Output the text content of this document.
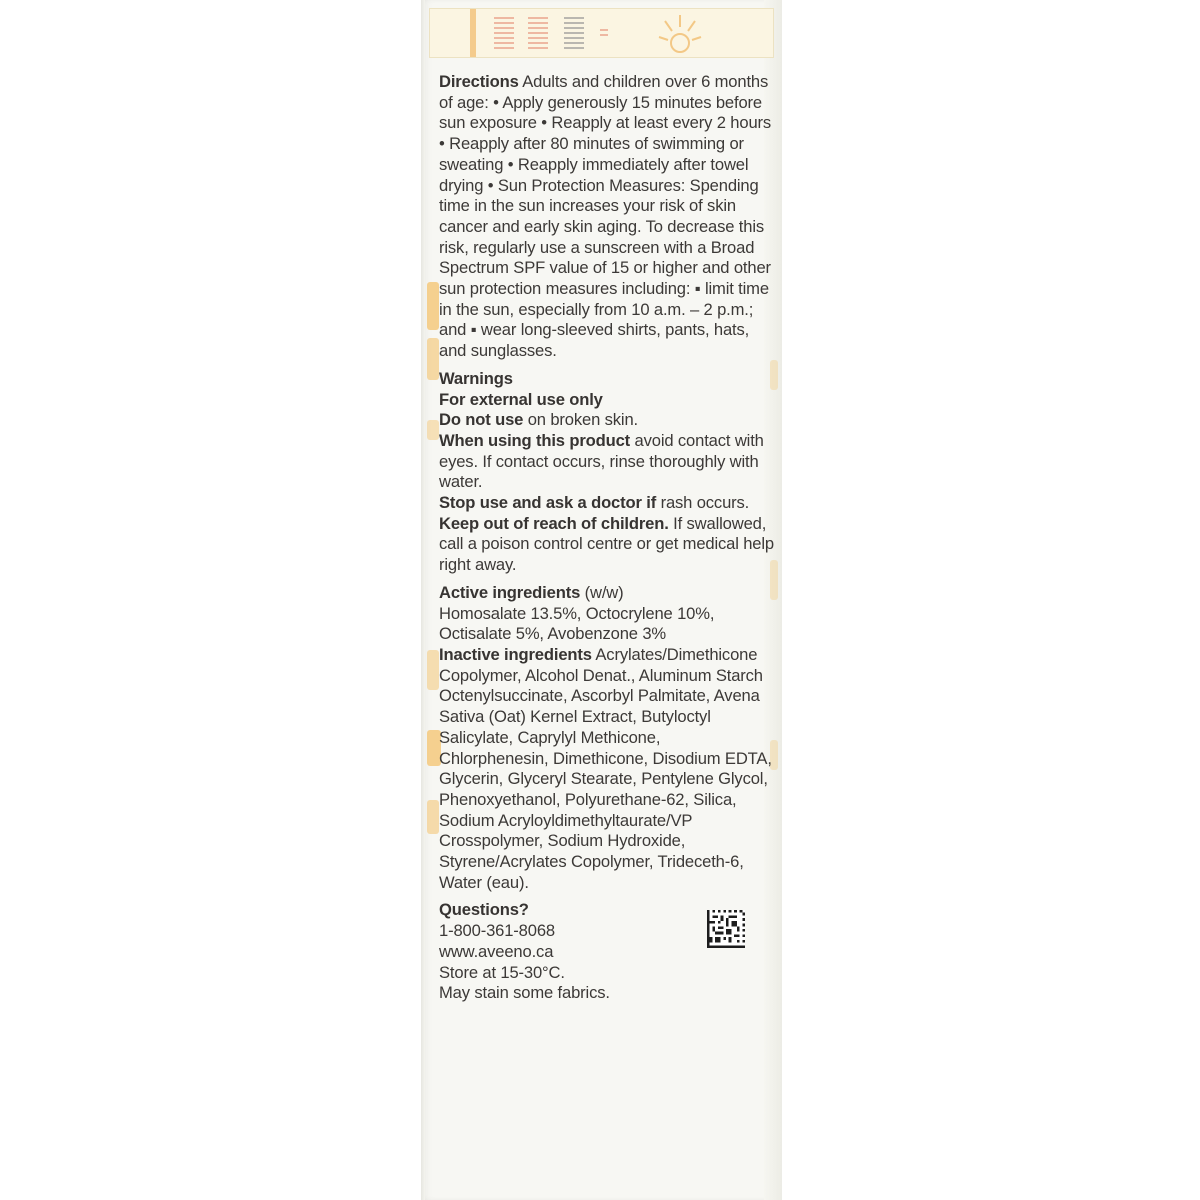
Directions Adults and children over 6 months of age: • Apply generously 15 minutes before sun exposure • Reapply at least every 2 hours • Reapply after 80 minutes of swimming or sweating • Reapply immediately after towel drying • Sun Protection Measures: Spending time in the sun increases your risk of skin cancer and early skin aging. To decrease this risk, regularly use a sunscreen with a Broad Spectrum SPF value of 15 or higher and other sun protection measures including: ▪ limit time in the sun, especially from 10 a.m. – 2 p.m.; and ▪ wear long-sleeved shirts, pants, hats, and sunglasses.

Warnings

For external use only

Do not use on broken skin.

When using this product avoid contact with eyes. If contact occurs, rinse thoroughly with water.

Stop use and ask a doctor if rash occurs.

Keep out of reach of children. If swallowed, call a poison control centre or get medical help right away.

Active ingredients (w/w)

Homosalate 13.5%, Octocrylene 10%, Octisalate 5%, Avobenzone 3%

Inactive ingredients Acrylates/Dimethicone Copolymer, Alcohol Denat., Aluminum Starch Octenylsuccinate, Ascorbyl Palmitate, Avena Sativa (Oat) Kernel Extract, Butyloctyl Salicylate, Caprylyl Methicone, Chlorphenesin, Dimethicone, Disodium EDTA, Glycerin, Glyceryl Stearate, Pentylene Glycol, Phenoxyethanol, Polyurethane-62, Silica, Sodium Acryloyldimethyltaurate/VP Crosspolymer, Sodium Hydroxide, Styrene/Acrylates Copolymer, Trideceth-6, Water (eau).

Questions?

1-800-361-8068

www.aveeno.ca

Store at 15-30°C.

May stain some fabrics.
